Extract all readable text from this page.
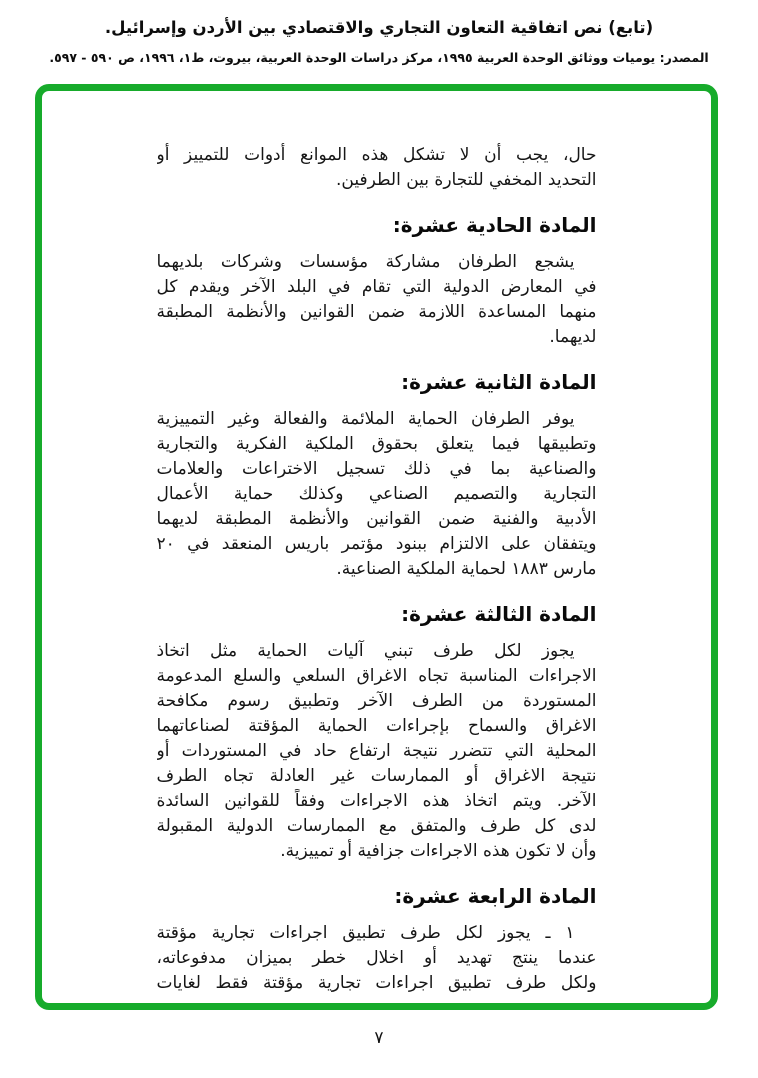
(تابع) نص اتفاقية التعاون التجاري والاقتصادي بين الأردن وإسرائيل.
المصدر: يوميات ووثائق الوحدة العربية ١٩٩٥، مركز دراسات الوحدة العربية، بيروت، ط١، ١٩٩٦، ص ٥٩٠ - ٥٩٧.
حال، يجب أن لا تشكل هذه الموانع أدوات للتمييز أو
التحديد المخفي للتجارة بين الطرفين.
المادة الحادية عشرة:
يشجع الطرفان مشاركة مؤسسات وشركات بلديهما
في المعارض الدولية التي تقام في البلد الآخر ويقدم كل
منهما المساعدة اللازمة ضمن القوانين والأنظمة المطبقة
لديهما.
المادة الثانية عشرة:
يوفر الطرفان الحماية الملائمة والفعالة وغير التمييزية
وتطبيقها فيما يتعلق بحقوق الملكية الفكرية والتجارية
والصناعية بما في ذلك تسجيل الاختراعات والعلامات
التجارية والتصميم الصناعي وكذلك حماية الأعمال
الأدبية والفنية ضمن القوانين والأنظمة المطبقة لديهما
ويتفقان على الالتزام ببنود مؤتمر باريس المنعقد في ٢٠
مارس ١٨٨٣ لحماية الملكية الصناعية.
المادة الثالثة عشرة:
يجوز لكل طرف تبني آليات الحماية مثل اتخاذ
الاجراءات المناسبة تجاه الاغراق السلعي والسلع المدعومة
المستوردة من الطرف الآخر وتطبيق رسوم مكافحة
الاغراق والسماح بإجراءات الحماية المؤقتة لصناعاتهما
المحلية التي تتضرر نتيجة ارتفاع حاد في المستوردات أو
نتيجة الاغراق أو الممارسات غير العادلة تجاه الطرف
الآخر. ويتم اتخاذ هذه الاجراءات وفقاً للقوانين السائدة
لدى كل طرف والمتفق مع الممارسات الدولية المقبولة
وأن لا تكون هذه الاجراءات جزافية أو تمييزية.
المادة الرابعة عشرة:
١ ـ يجوز لكل طرف تطبيق اجراءات تجارية مؤقتة
عندما ينتج تهديد أو اخلال خطر بميزان مدفوعاته،
ولكل طرف تطبيق اجراءات تجارية مؤقتة فقط لغايات
٧
